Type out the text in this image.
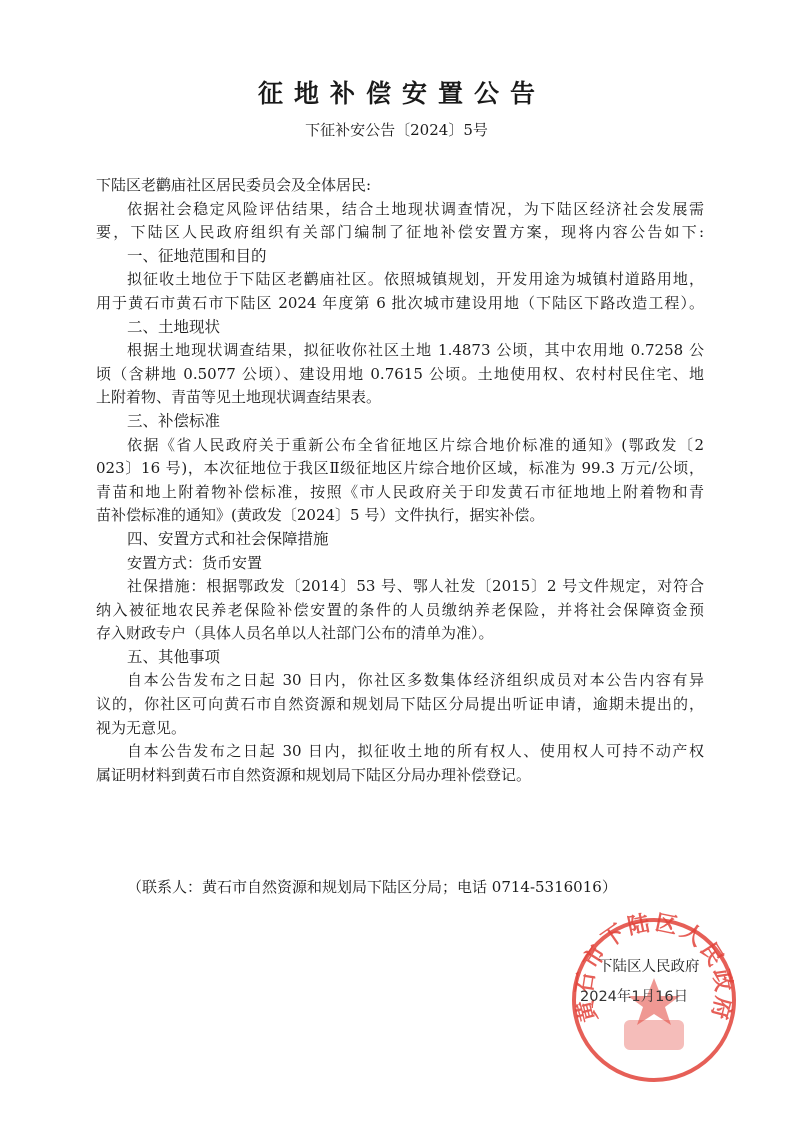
征地补偿安置公告
下征补安公告〔2024〕5号
下陆区老鹳庙社区居民委员会及全体居民:
依据社会稳定风险评估结果，结合土地现状调查情况，为下陆区经济社会发展需
要，下陆区人民政府组织有关部门编制了征地补偿安置方案，现将内容公告如下:
一、征地范围和目的
拟征收土地位于下陆区老鹳庙社区。依照城镇规划，开发用途为城镇村道路用地，
用于黄石市黄石市下陆区 2024 年度第 6 批次城市建设用地（下陆区下路改造工程）。
二、土地现状
根据土地现状调查结果，拟征收你社区土地 1.4873 公顷，其中农用地 0.7258 公
顷（含耕地 0.5077 公顷）、建设用地 0.7615 公顷。土地使用权、农村村民住宅、地
上附着物、青苗等见土地现状调查结果表。
三、补偿标准
依据《省人民政府关于重新公布全省征地区片综合地价标准的通知》(鄂政发〔2
023〕16 号)，本次征地位于我区Ⅱ级征地区片综合地价区域，标准为 99.3 万元/公顷，
青苗和地上附着物补偿标准，按照《市人民政府关于印发黄石市征地地上附着物和青
苗补偿标准的通知》(黄政发〔2024〕5 号）文件执行，据实补偿。
四、安置方式和社会保障措施
安置方式：货币安置
社保措施：根据鄂政发〔2014〕53 号、鄂人社发〔2015〕2 号文件规定，对符合
纳入被征地农民养老保险补偿安置的条件的人员缴纳养老保险，并将社会保障资金预
存入财政专户（具体人员名单以人社部门公布的清单为准）。
五、其他事项
自本公告发布之日起 30 日内，你社区多数集体经济组织成员对本公告内容有异
议的，你社区可向黄石市自然资源和规划局下陆区分局提出听证申请，逾期未提出的，
视为无意见。
自本公告发布之日起 30 日内，拟征收土地的所有权人、使用权人可持不动产权
属证明材料到黄石市自然资源和规划局下陆区分局办理补偿登记。
（联系人：黄石市自然资源和规划局下陆区分局；电话 0714-5316016）
黄石市下陆区人民政府
下陆区人民政府
2024年1月16日
